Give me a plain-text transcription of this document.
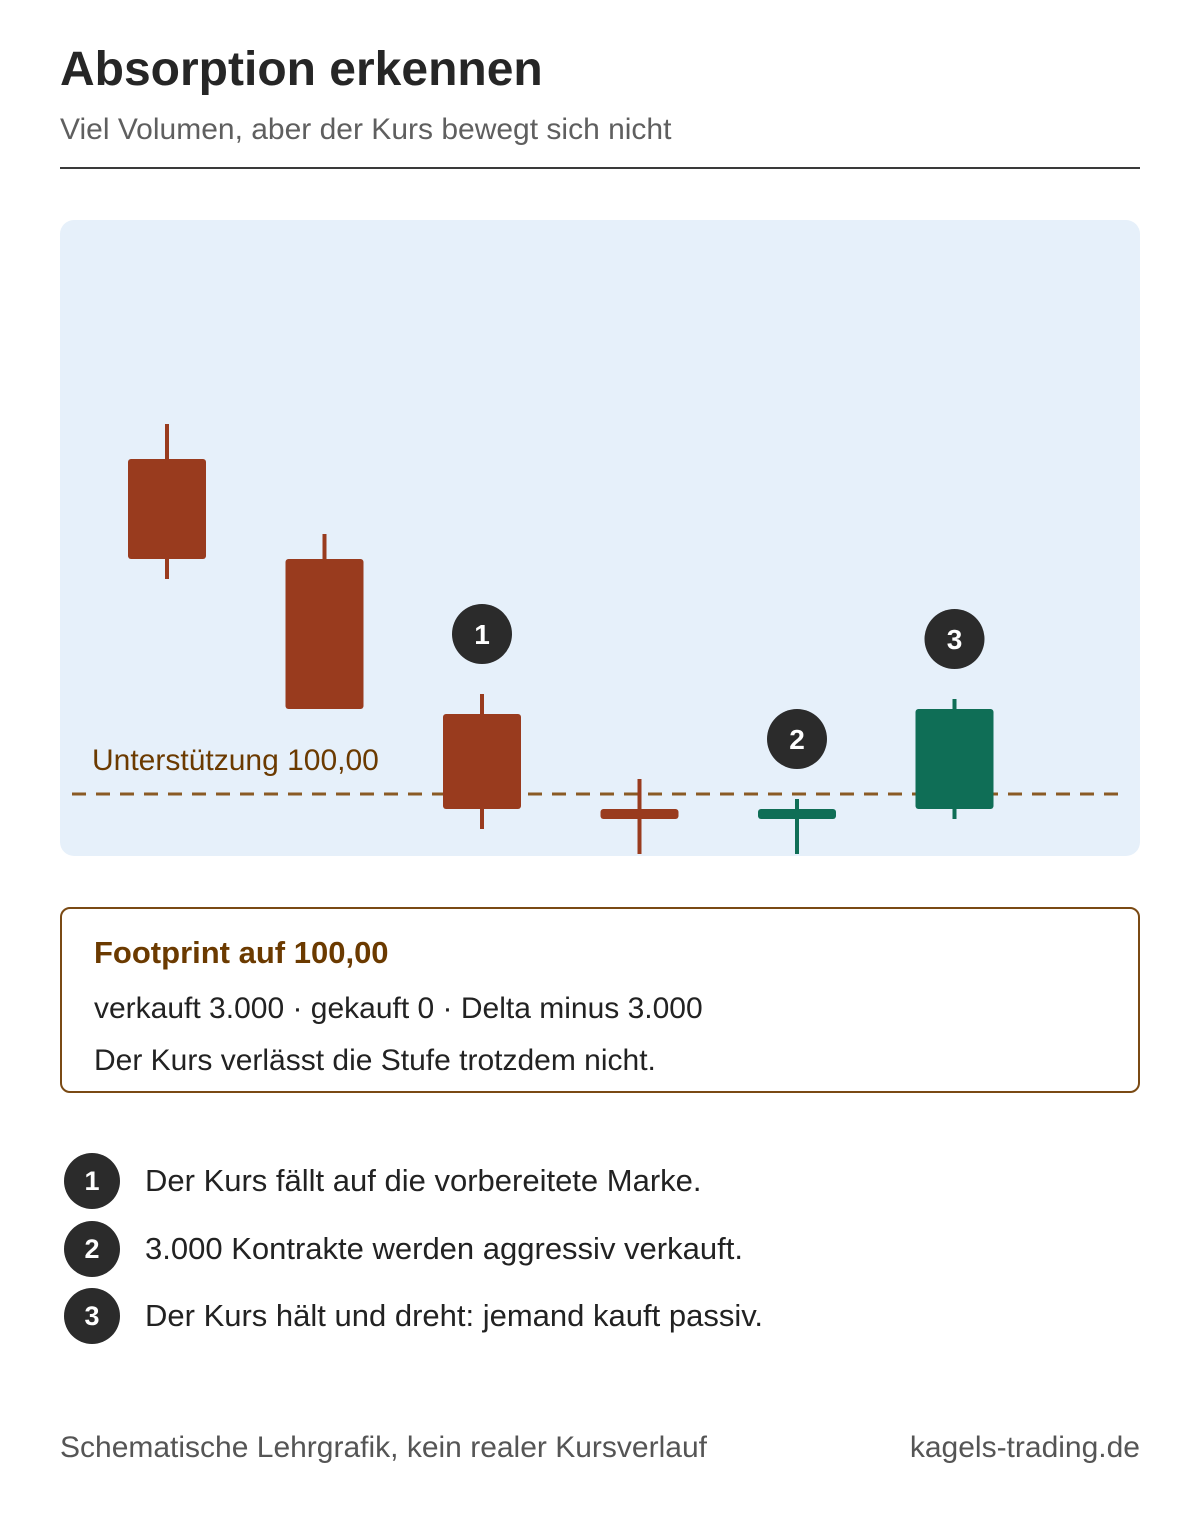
Absorption erkennen
Viel Volumen, aber der Kurs bewegt sich nicht
Unterstützung 100,00
1
2
3
Footprint auf 100,00
verkauft 3.000 · gekauft 0 · Delta minus 3.000
Der Kurs verlässt die Stufe trotzdem nicht.
1	Der Kurs fällt auf die vorbereitete Marke.
2	3.000 Kontrakte werden aggressiv verkauft.
3	Der Kurs hält und dreht: jemand kauft passiv.
Schematische Lehrgrafik, kein realer Kursverlauf	kagels-trading.de
